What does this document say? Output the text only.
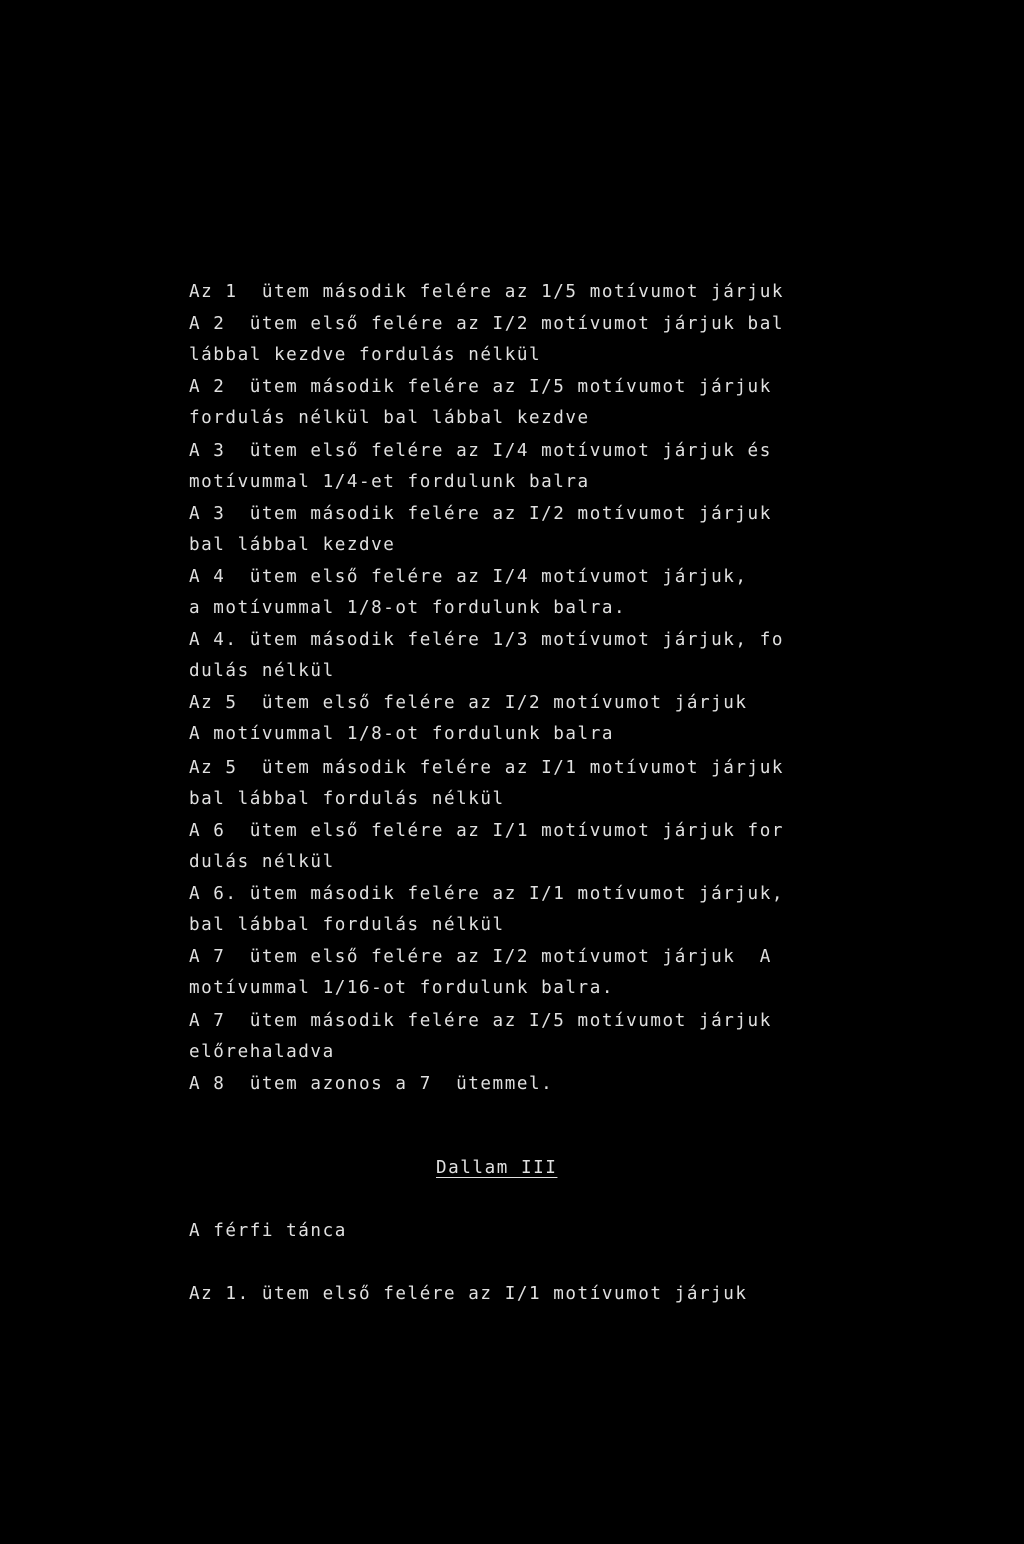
Az 1  ütem második felére az 1/5 motívumot járjuk
A 2  ütem első felére az I/2 motívumot járjuk bal
lábbal kezdve fordulás nélkül
A 2  ütem második felére az I/5 motívumot járjuk
fordulás nélkül bal lábbal kezdve
A 3  ütem első felére az I/4 motívumot járjuk és
motívummal 1/4-et fordulunk balra
A 3  ütem második felére az I/2 motívumot járjuk
bal lábbal kezdve
A 4  ütem első felére az I/4 motívumot járjuk,
a motívummal 1/8-ot fordulunk balra.
A 4. ütem második felére 1/3 motívumot járjuk, fo
dulás nélkül
Az 5  ütem első felére az I/2 motívumot járjuk
A motívummal 1/8-ot fordulunk balra
Az 5  ütem második felére az I/1 motívumot járjuk
bal lábbal fordulás nélkül
A 6  ütem első felére az I/1 motívumot járjuk for
dulás nélkül
A 6. ütem második felére az I/1 motívumot járjuk,
bal lábbal fordulás nélkül
A 7  ütem első felére az I/2 motívumot járjuk  A
motívummal 1/16-ot fordulunk balra.
A 7  ütem második felére az I/5 motívumot járjuk
előrehaladva
A 8  ütem azonos a 7  ütemmel.
Dallam III
A férfi tánca
Az 1. ütem első felére az I/1 motívumot járjuk
